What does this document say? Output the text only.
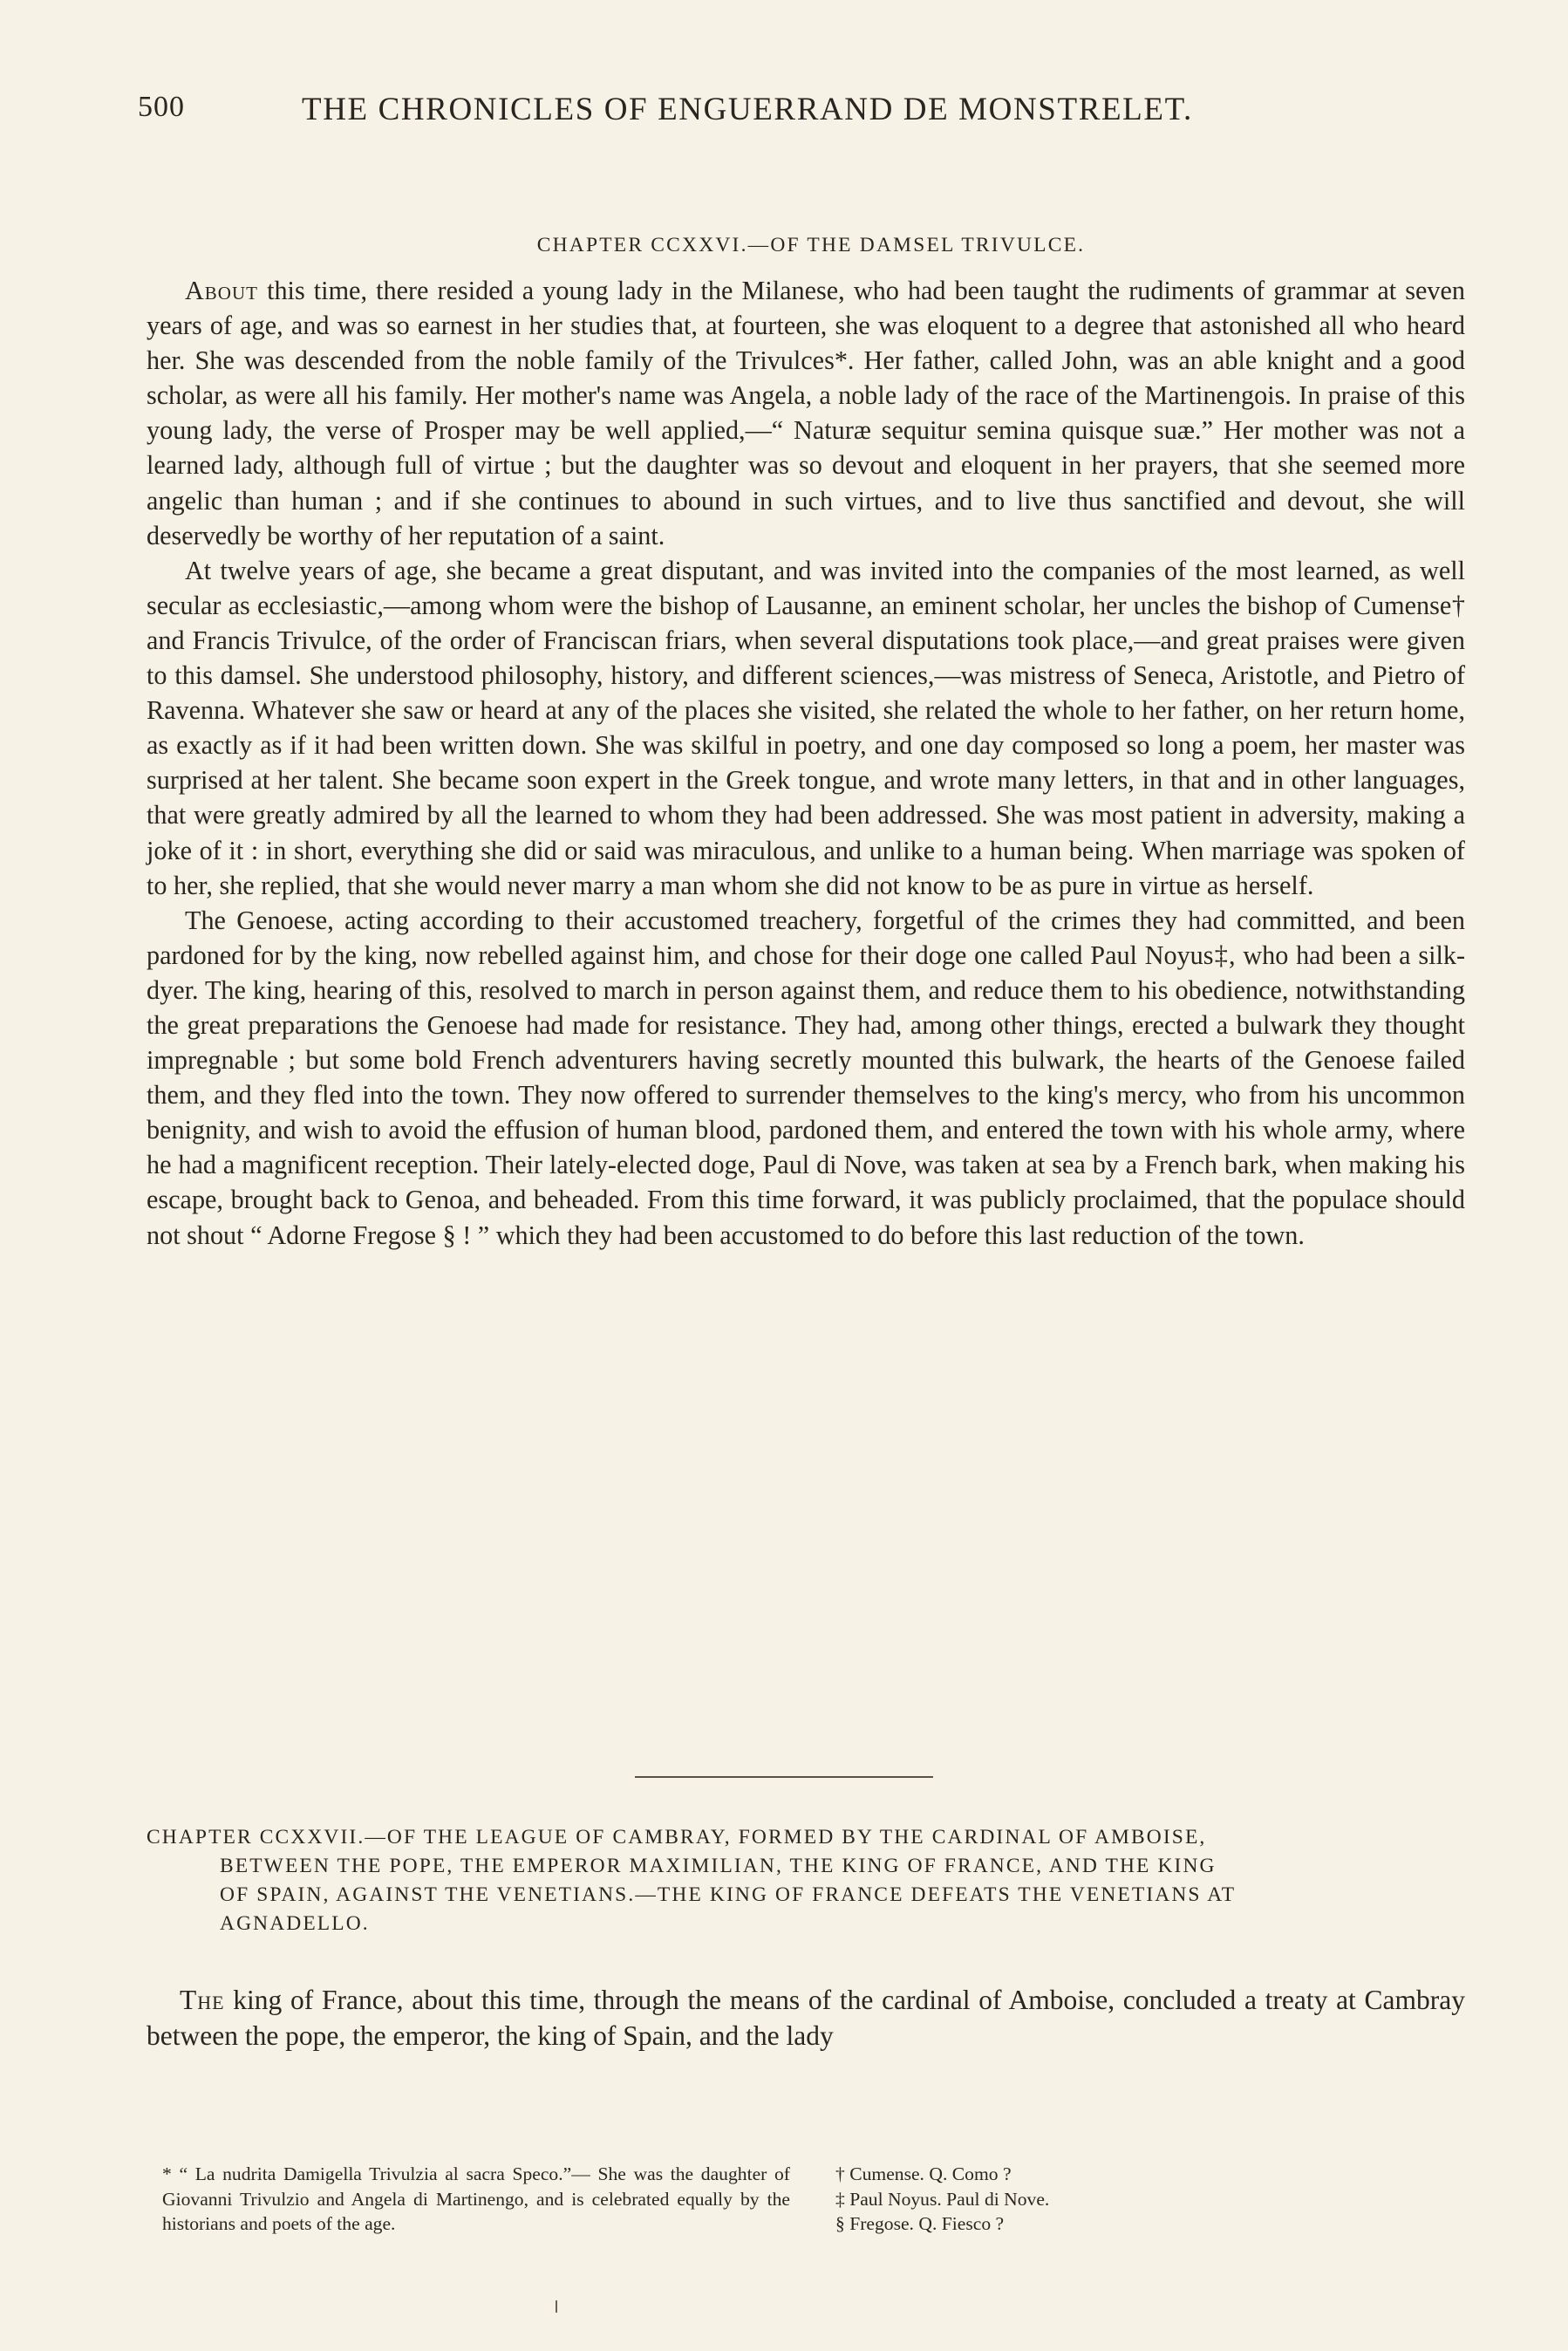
500	THE CHRONICLES OF ENGUERRAND DE MONSTRELET.
CHAPTER CCXXVI.—OF THE DAMSEL TRIVULCE.

About this time, there resided a young lady in the Milanese, who had been taught the rudiments of grammar at seven years of age, and was so earnest in her studies that, at fourteen, she was eloquent to a degree that astonished all who heard her. She was descended from the noble family of the Trivulces*. Her father, called John, was an able knight and a good scholar, as were all his family. Her mother's name was Angela, a noble lady of the race of the Martinengois. In praise of this young lady, the verse of Prosper may be well applied,—“ Naturæ sequitur semina quisque suæ.” Her mother was not a learned lady, although full of virtue ; but the daughter was so devout and eloquent in her prayers, that she seemed more angelic than human ; and if she continues to abound in such virtues, and to live thus sanctified and devout, she will deservedly be worthy of her reputation of a saint.

At twelve years of age, she became a great disputant, and was invited into the companies of the most learned, as well secular as ecclesiastic,—among whom were the bishop of Lausanne, an eminent scholar, her uncles the bishop of Cumense† and Francis Trivulce, of the order of Franciscan friars, when several disputations took place,—and great praises were given to this damsel. She understood philosophy, history, and different sciences,—was mistress of Seneca, Aristotle, and Pietro of Ravenna. Whatever she saw or heard at any of the places she visited, she related the whole to her father, on her return home, as exactly as if it had been written down. She was skilful in poetry, and one day composed so long a poem, her master was surprised at her talent. She became soon expert in the Greek tongue, and wrote many letters, in that and in other languages, that were greatly admired by all the learned to whom they had been addressed. She was most patient in adversity, making a joke of it : in short, everything she did or said was miraculous, and unlike to a human being. When marriage was spoken of to her, she replied, that she would never marry a man whom she did not know to be as pure in virtue as herself.

The Genoese, acting according to their accustomed treachery, forgetful of the crimes they had committed, and been pardoned for by the king, now rebelled against him, and chose for their doge one called Paul Noyus‡, who had been a silk-dyer. The king, hearing of this, resolved to march in person against them, and reduce them to his obedience, notwithstanding the great preparations the Genoese had made for resistance. They had, among other things, erected a bulwark they thought impregnable ; but some bold French adventurers having secretly mounted this bulwark, the hearts of the Genoese failed them, and they fled into the town. They now offered to surrender themselves to the king's mercy, who from his uncommon benignity, and wish to avoid the effusion of human blood, pardoned them, and entered the town with his whole army, where he had a magnificent reception. Their lately-elected doge, Paul di Nove, was taken at sea by a French bark, when making his escape, brought back to Genoa, and beheaded. From this time forward, it was publicly proclaimed, that the populace should not shout “ Adorne Fregose § ! ” which they had been accustomed to do before this last reduction of the town.

CHAPTER CCXXVII.—OF THE LEAGUE OF CAMBRAY, FORMED BY THE CARDINAL OF AMBOISE,
BETWEEN THE POPE, THE EMPEROR MAXIMILIAN, THE KING OF FRANCE, AND THE KING
OF SPAIN, AGAINST THE VENETIANS.—THE KING OF FRANCE DEFEATS THE VENETIANS AT
AGNADELLO.

The king of France, about this time, through the means of the cardinal of Amboise, concluded a treaty at Cambray between the pope, the emperor, the king of Spain, and the lady

* “ La nudrita Damigella Trivulzia al sacra Speco.”— She was the daughter of Giovanni Trivulzio and Angela di Martinengo, and is celebrated equally by the historians and poets of the age.
† Cumense. Q. Como ?
‡ Paul Noyus. Paul di Nove.
§ Fregose. Q. Fiesco ?
